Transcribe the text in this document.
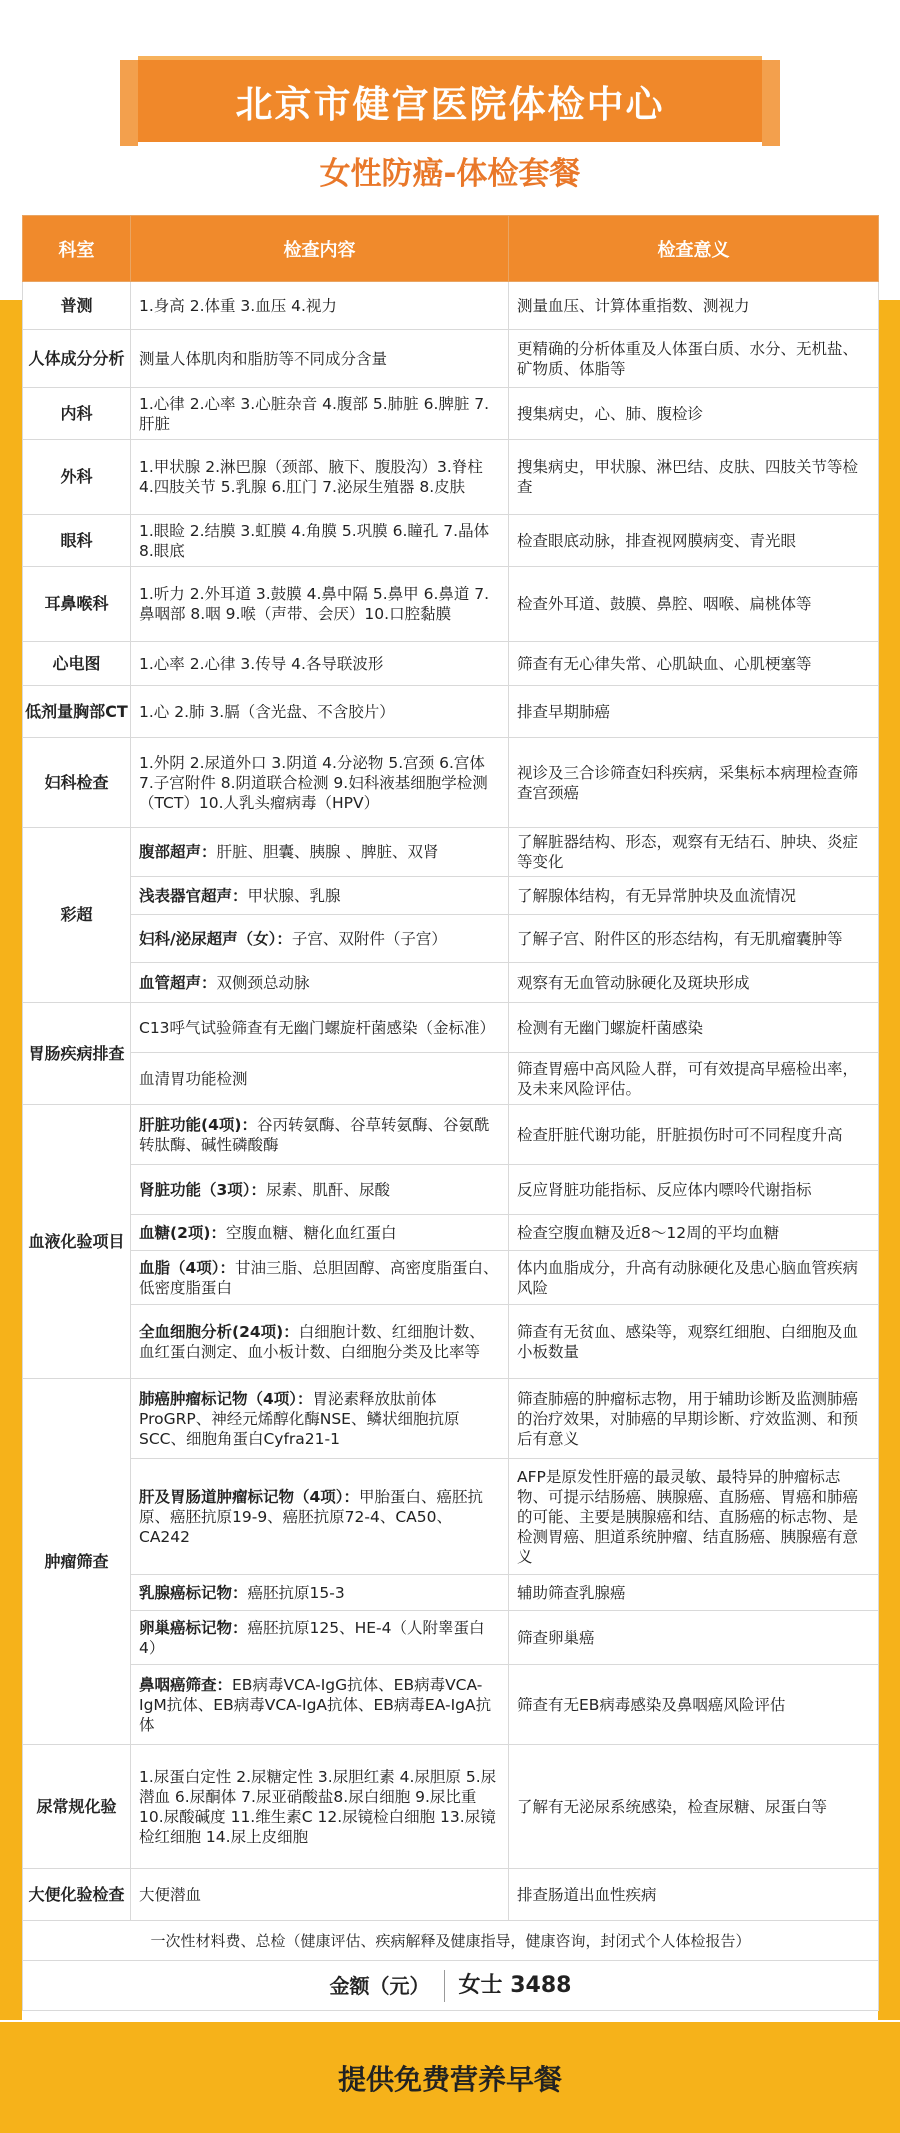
北京市健宫医院体检中心
女性防癌-体检套餐
科室	检查内容	检查意义
普测	1.身高 2.体重 3.血压 4.视力	测量血压、计算体重指数、测视力
人体成分分析	测量人体肌肉和脂肪等不同成分含量	更精确的分析体重及人体蛋白质、水分、无机盐、矿物质、体脂等
内科	1.心律 2.心率 3.心脏杂音 4.腹部 5.肺脏 6.脾脏 7.肝脏	搜集病史，心、肺、腹检诊
外科	1.甲状腺 2.淋巴腺（颈部、腋下、腹股沟）3.脊柱 4.四肢关节 5.乳腺 6.肛门 7.泌尿生殖器 8.皮肤	搜集病史，甲状腺、淋巴结、皮肤、四肢关节等检查
眼科	1.眼睑 2.结膜 3.虹膜 4.角膜 5.巩膜 6.瞳孔 7.晶体 8.眼底	检查眼底动脉，排查视网膜病变、青光眼
耳鼻喉科	1.听力 2.外耳道 3.鼓膜 4.鼻中隔 5.鼻甲 6.鼻道 7.鼻咽部 8.咽 9.喉（声带、会厌）10.口腔黏膜	检查外耳道、鼓膜、鼻腔、咽喉、扁桃体等
心电图	1.心率 2.心律 3.传导 4.各导联波形	筛查有无心律失常、心肌缺血、心肌梗塞等
低剂量胸部CT	1.心 2.肺 3.膈（含光盘、不含胶片）	排查早期肺癌
妇科检查	1.外阴 2.尿道外口 3.阴道 4.分泌物 5.宫颈 6.宫体 7.子宫附件 8.阴道联合检测 9.妇科液基细胞学检测（TCT）10.人乳头瘤病毒（HPV）	视诊及三合诊筛查妇科疾病，采集标本病理检查筛查宫颈癌
彩超	腹部超声：肝脏、胆囊、胰腺 、脾脏、双肾	了解脏器结构、形态，观察有无结石、肿块、炎症等变化
	浅表器官超声：甲状腺、乳腺	了解腺体结构，有无异常肿块及血流情况
	妇科/泌尿超声（女）：子宫、双附件（子宫）	了解子宫、附件区的形态结构，有无肌瘤囊肿等
	血管超声：双侧颈总动脉	观察有无血管动脉硬化及斑块形成
胃肠疾病排查	C13呼气试验筛查有无幽门螺旋杆菌感染（金标准）	检测有无幽门螺旋杆菌感染
	血清胃功能检测	筛查胃癌中高风险人群，可有效提高早癌检出率，及未来风险评估。
血液化验项目	肝脏功能(4项)：谷丙转氨酶、谷草转氨酶、谷氨酰转肽酶、碱性磷酸酶	检查肝脏代谢功能，肝脏损伤时可不同程度升高
	肾脏功能（3项）：尿素、肌酐、尿酸	反应肾脏功能指标、反应体内嘌呤代谢指标
	血糖(2项)：空腹血糖、糖化血红蛋白	检查空腹血糖及近8～12周的平均血糖
	血脂（4项）：甘油三脂、总胆固醇、高密度脂蛋白、低密度脂蛋白	体内血脂成分，升高有动脉硬化及患心脑血管疾病风险
	全血细胞分析(24项)：白细胞计数、红细胞计数、血红蛋白测定、血小板计数、白细胞分类及比率等	筛查有无贫血、感染等，观察红细胞、白细胞及血小板数量
肿瘤筛查	肺癌肿瘤标记物（4项）：胃泌素释放肽前体ProGRP、神经元烯醇化酶NSE、鳞状细胞抗原SCC、细胞角蛋白Cyfra21-1	筛查肺癌的肿瘤标志物，用于辅助诊断及监测肺癌的治疗效果，对肺癌的早期诊断、疗效监测、和预后有意义
	肝及胃肠道肿瘤标记物（4项）：甲胎蛋白、癌胚抗原、癌胚抗原19-9、癌胚抗原72-4、CA50、CA242	AFP是原发性肝癌的最灵敏、最特异的肿瘤标志物、可提示结肠癌、胰腺癌、直肠癌、胃癌和肺癌的可能、主要是胰腺癌和结、直肠癌的标志物、是检测胃癌、胆道系统肿瘤、结直肠癌、胰腺癌有意义
	乳腺癌标记物：癌胚抗原15-3	辅助筛查乳腺癌
	卵巢癌标记物：癌胚抗原125、HE-4（人附睾蛋白4）	筛查卵巢癌
	鼻咽癌筛查：EB病毒VCA-IgG抗体、EB病毒VCA-IgM抗体、EB病毒VCA-IgA抗体、EB病毒EA-IgA抗体	筛查有无EB病毒感染及鼻咽癌风险评估
尿常规化验	1.尿蛋白定性 2.尿糖定性 3.尿胆红素 4.尿胆原 5.尿潜血 6.尿酮体 7.尿亚硝酸盐8.尿白细胞 9.尿比重 10.尿酸碱度 11.维生素C 12.尿镜检白细胞 13.尿镜检红细胞 14.尿上皮细胞	了解有无泌尿系统感染，检查尿糖、尿蛋白等
大便化验检查	大便潜血	排查肠道出血性疾病
一次性材料费、总检（健康评估、疾病解释及健康指导，健康咨询，封闭式个人体检报告）		

金额（元） 女士 3488		
提供免费营养早餐
